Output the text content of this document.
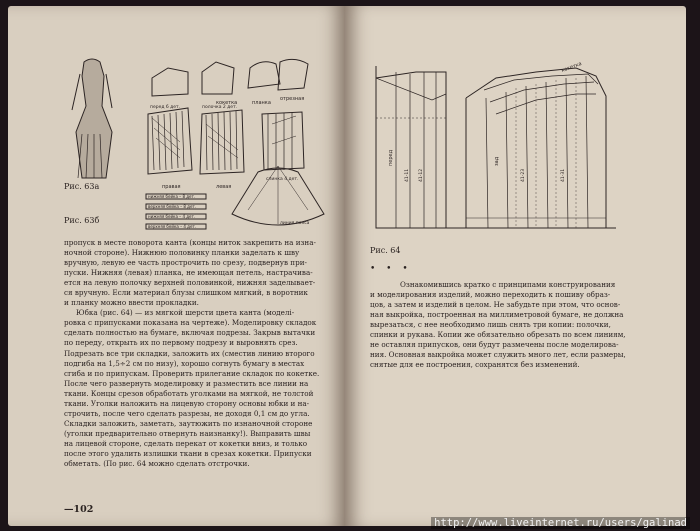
правая	левая
кокетка	планка
отрезная
перед 6 дет.
спинка 4 дет.
полочка 2 дет.
линия пояса
нижняя бейка – 8 дет.
верхняя бейка – 8 дет.
нижняя бейка – 4 дет.
верхняя бейка – 4 дет.
Рис. 63а
Рис. 63б
пропуск в месте поворота канта (концы ниток закрепить на изна-
ночной стороне). Нижнюю половинку планки заделать к шву
вручную, левую ее часть прострочить по срезу, подвернув при-
пуски. Нижняя (левая) планка, не имеющая петель, настрачива-
ется на левую полочку верхней половинкой, нижняя заделывает-
ся вручную. Если материал блузы слишком мягкий, в воротник
и планку можно ввести прокладки.
Юбка (рис. 64) — из мягкой шерсти цвета канта (моделі-
ровка с припусками показана на чертеже). Моделировку складок
сделать полностью на бумаге, включая подрезы. Закрыв вытачки
по переду, открыть их по первому подрезу и выровнять срез.
Подрезать все три складки, заложить их (сместив линию второго
подгиба на 1,5÷2 см по низу), хорошо согнуть бумагу в местах
сгиба и по припускам. Проверить прилегание складок по кокетке.
После чего развернуть моделировку и разместить все линии на
ткани. Концы срезов обработать уголками на мягкой, не толстой
ткани. Уголки наложить на лицевую сторону основы юбки и на-
строчить, после чего сделать разрезы, не доходя 0,1 см до угла.
Складки заложить, заметать, заутюжить по изнаночной стороне
(уголки предварительно отвернуть наизнанку!). Выправить швы
на лицевой стороне, сделать перекат от кокетки вниз, и только
после этого удалить излишки ткани в срезах кокетки. Припуски
обметать. (По рис. 64 можно сделать отстрочки.
—102
перед	зад
кокетка
41-11 41-12	41-23	41-31
Рис. 64
• • •
Ознакомившись кратко с принципами конструирования
и моделирования изделий, можно переходить к пошиву образ-
цов, а затем и изделий в целом. Не забудьте при этом, что основ-
ная выкройка, построенная на миллиметровой бумаге, не должна
вырезаться, с нее необходимо лишь снять три копии: полочки,
спинки и рукава. Копии же обязательно обрезать по всем линиям,
не оставляя припусков, они будут размечены после моделирова-
ния. Основная выкройка может служить много лет, если размеры,
снятые для ее построения, сохранятся без изменений.
http://www.liveinternet.ru/users/galinad
